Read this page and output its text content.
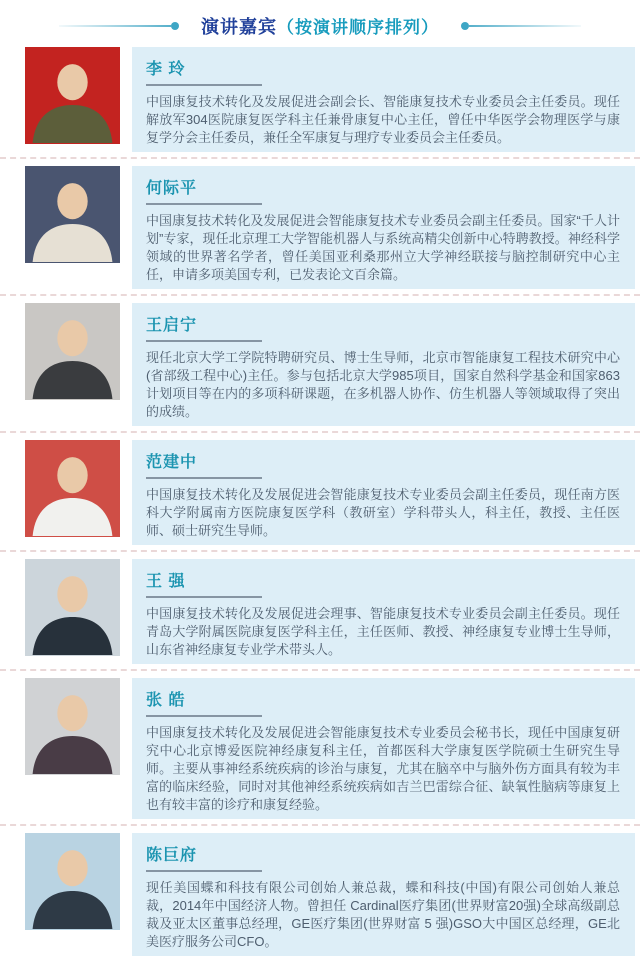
演讲嘉宾（按演讲顺序排列）
李 玲

中国康复技术转化及发展促进会副会长、智能康复技术专业委员会主任委员。现任解放军304医院康复医学科主任兼骨康复中心主任，曾任中华医学会物理医学与康复学分会主任委员，兼任全军康复与理疗专业委员会主任委员。

何际平

中国康复技术转化及发展促进会智能康复技术专业委员会副主任委员。国家“千人计划”专家，现任北京理工大学智能机器人与系统高精尖创新中心特聘教授。神经科学领域的世界著名学者，曾任美国亚利桑那州立大学神经联接与脑控制研究中心主任，申请多项美国专利，已发表论文百余篇。

王启宁

现任北京大学工学院特聘研究员、博士生导师，北京市智能康复工程技术研究中心(省部级工程中心)主任。参与包括北京大学985项目，国家自然科学基金和国家863计划项目等在内的多项科研课题，在多机器人协作、仿生机器人等领域取得了突出的成绩。

范建中

中国康复技术转化及发展促进会智能康复技术专业委员会副主任委员，现任南方医科大学附属南方医院康复医学科（教研室）学科带头人，科主任，教授、主任医师、硕士研究生导师。

王 强

中国康复技术转化及发展促进会理事、智能康复技术专业委员会副主任委员。现任青岛大学附属医院康复医学科主任，主任医师、教授、神经康复专业博士生导师，山东省神经康复专业学术带头人。

张 皓

中国康复技术转化及发展促进会智能康复技术专业委员会秘书长，现任中国康复研究中心北京博爱医院神经康复科主任，首都医科大学康复医学院硕士生研究生导师。主要从事神经系统疾病的诊治与康复，尤其在脑卒中与脑外伤方面具有较为丰富的临床经验，同时对其他神经系统疾病如吉兰巴雷综合征、缺氧性脑病等康复上也有较丰富的诊疗和康复经验。

陈巨府

现任美国蝶和科技有限公司创始人兼总裁，蝶和科技(中国)有限公司创始人兼总裁，2014年中国经济人物。曾担任 Cardinal医疗集团(世界财富20强)全球高级副总裁及亚太区董事总经理，GE医疗集团(世界财富 5 强)GSO大中国区总经理，GE北美医疗服务公司CFO。
